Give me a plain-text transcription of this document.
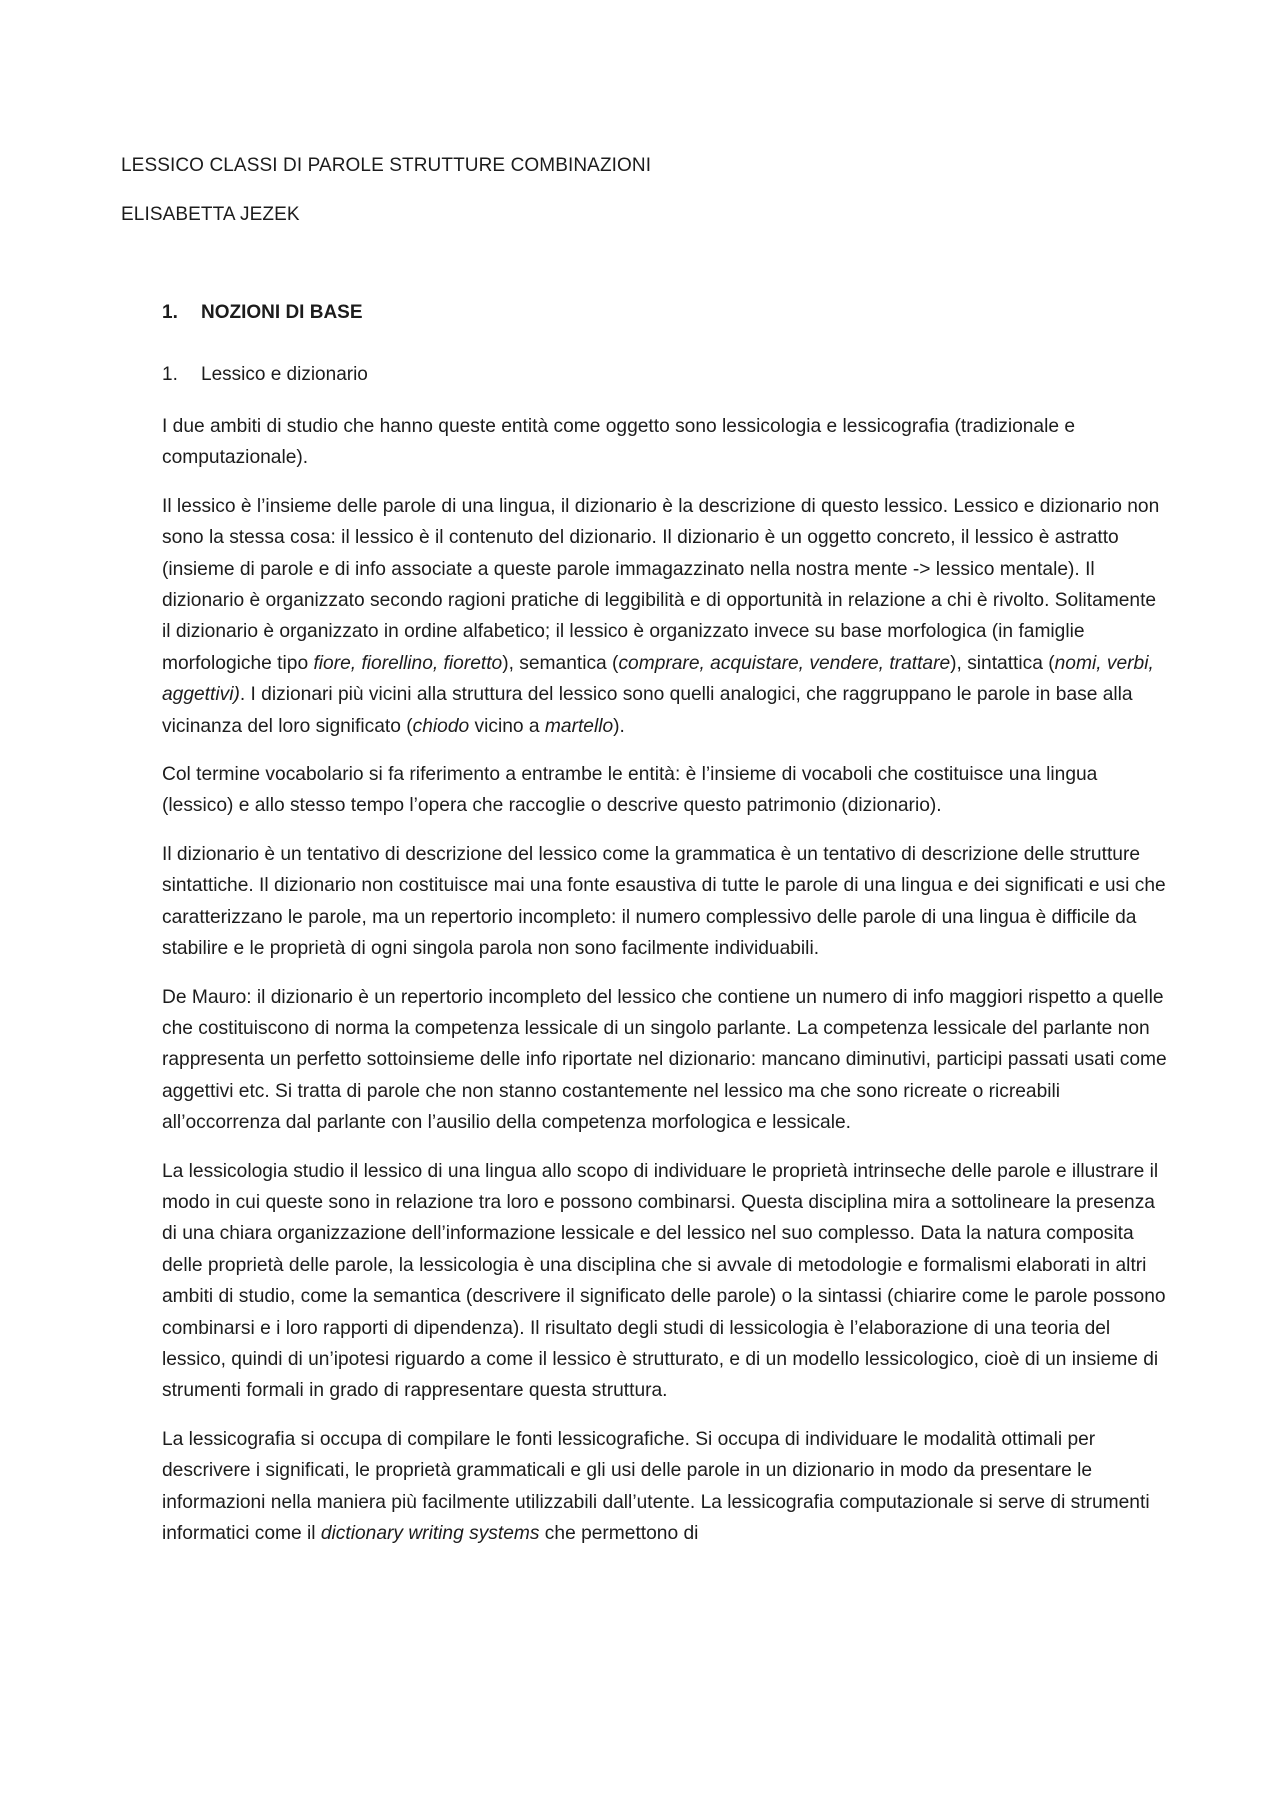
LESSICO CLASSI DI PAROLE STRUTTURE COMBINAZIONI

ELISABETTA JEZEK

1. NOZIONI DI BASE
1. Lessico e dizionario

I due ambiti di studio che hanno queste entità come oggetto sono lessicologia e lessicografia (tradizionale e computazionale).

Il lessico è l’insieme delle parole di una lingua, il dizionario è la descrizione di questo lessico. Lessico e dizionario non sono la stessa cosa: il lessico è il contenuto del dizionario. Il dizionario è un oggetto concreto, il lessico è astratto (insieme di parole e di info associate a queste parole immagazzinato nella nostra mente -> lessico mentale). Il dizionario è organizzato secondo ragioni pratiche di leggibilità e di opportunità in relazione a chi è rivolto. Solitamente il dizionario è organizzato in ordine alfabetico; il lessico è organizzato invece su base morfologica (in famiglie morfologiche tipo fiore, fiorellino, fioretto), semantica (comprare, acquistare, vendere, trattare), sintattica (nomi, verbi, aggettivi). I dizionari più vicini alla struttura del lessico sono quelli analogici, che raggruppano le parole in base alla vicinanza del loro significato (chiodo vicino a martello).

Col termine vocabolario si fa riferimento a entrambe le entità: è l’insieme di vocaboli che costituisce una lingua (lessico) e allo stesso tempo l’opera che raccoglie o descrive questo patrimonio (dizionario).

Il dizionario è un tentativo di descrizione del lessico come la grammatica è un tentativo di descrizione delle strutture sintattiche. Il dizionario non costituisce mai una fonte esaustiva di tutte le parole di una lingua e dei significati e usi che caratterizzano le parole, ma un repertorio incompleto: il numero complessivo delle parole di una lingua è difficile da stabilire e le proprietà di ogni singola parola non sono facilmente individuabili.

De Mauro: il dizionario è un repertorio incompleto del lessico che contiene un numero di info maggiori rispetto a quelle che costituiscono di norma la competenza lessicale di un singolo parlante. La competenza lessicale del parlante non rappresenta un perfetto sottoinsieme delle info riportate nel dizionario: mancano diminutivi, participi passati usati come aggettivi etc. Si tratta di parole che non stanno costantemente nel lessico ma che sono ricreate o ricreabili all’occorrenza dal parlante con l’ausilio della competenza morfologica e lessicale.

La lessicologia studio il lessico di una lingua allo scopo di individuare le proprietà intrinseche delle parole e illustrare il modo in cui queste sono in relazione tra loro e possono combinarsi. Questa disciplina mira a sottolineare la presenza di una chiara organizzazione dell’informazione lessicale e del lessico nel suo complesso. Data la natura composita delle proprietà delle parole, la lessicologia è una disciplina che si avvale di metodologie e formalismi elaborati in altri ambiti di studio, come la semantica (descrivere il significato delle parole) o la sintassi (chiarire come le parole possono combinarsi e i loro rapporti di dipendenza). Il risultato degli studi di lessicologia è l’elaborazione di una teoria del lessico, quindi di un’ipotesi riguardo a come il lessico è strutturato, e di un modello lessicologico, cioè di un insieme di strumenti formali in grado di rappresentare questa struttura.

La lessicografia si occupa di compilare le fonti lessicografiche. Si occupa di individuare le modalità ottimali per descrivere i significati, le proprietà grammaticali e gli usi delle parole in un dizionario in modo da presentare le informazioni nella maniera più facilmente utilizzabili dall’utente. La lessicografia computazionale si serve di strumenti informatici come il dictionary writing systems che permettono di
